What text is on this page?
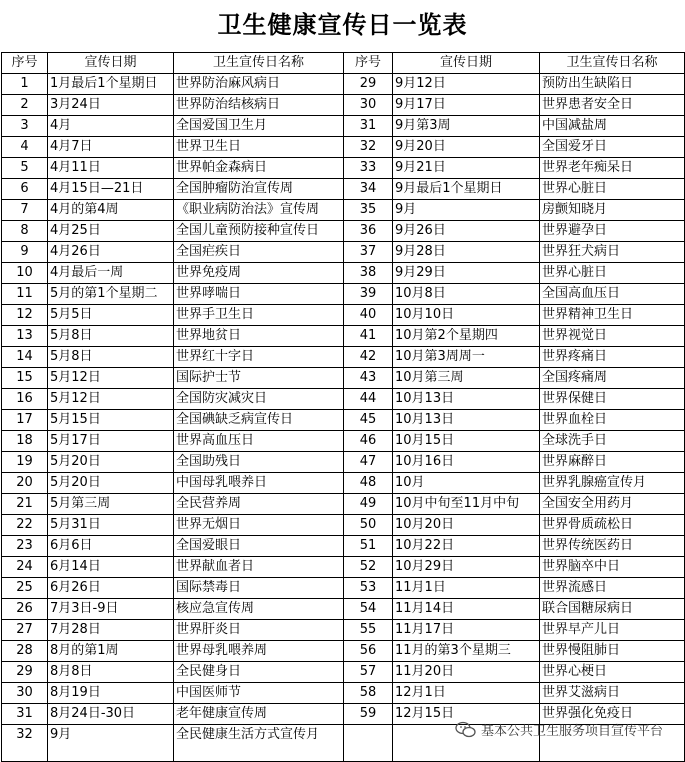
卫生健康宣传日一览表
序号	宣传日期	卫生宣传日名称	序号	宣传日期	卫生宣传日名称
1	1月最后1个星期日	世界防治麻风病日	29	9月12日	预防出生缺陷日
2	3月24日	世界防治结核病日	30	9月17日	世界患者安全日
3	4月	全国爱国卫生月	31	9月第3周	中国减盐周
4	4月7日	世界卫生日	32	9月20日	全国爱牙日
5	4月11日	世界帕金森病日	33	9月21日	世界老年痴呆日
6	4月15日—21日	全国肿瘤防治宣传周	34	9月最后1个星期日	世界心脏日
7	4月的第4周	《职业病防治法》宣传周	35	9月	房颤知晓月
8	4月25日	全国儿童预防接种宣传日	36	9月26日	世界避孕日
9	4月26日	全国疟疾日	37	9月28日	世界狂犬病日
10	4月最后一周	世界免疫周	38	9月29日	世界心脏日
11	5月的第1个星期二	世界哮喘日	39	10月8日	全国高血压日
12	5月5日	世界手卫生日	40	10月10日	世界精神卫生日
13	5月8日	世界地贫日	41	10月第2个星期四	世界视觉日
14	5月8日	世界红十字日	42	10月第3周周一	世界疼痛日
15	5月12日	国际护士节	43	10月第三周	全国疼痛周
16	5月12日	全国防灾减灾日	44	10月13日	世界保健日
17	5月15日	全国碘缺乏病宣传日	45	10月13日	世界血栓日
18	5月17日	世界高血压日	46	10月15日	全球洗手日
19	5月20日	全国助残日	47	10月16日	世界麻醉日
20	5月20日	中国母乳喂养日	48	10月	世界乳腺癌宣传月
21	5月第三周	全民营养周	49	10月中旬至11月中旬	全国安全用药月
22	5月31日	世界无烟日	50	10月20日	世界骨质疏松日
23	6月6日	全国爱眼日	51	10月22日	世界传统医药日
24	6月14日	世界献血者日	52	10月29日	世界脑卒中日
25	6月26日	国际禁毒日	53	11月1日	世界流感日
26	7月3日-9日	核应急宣传周	54	11月14日	联合国糖尿病日
27	7月28日	世界肝炎日	55	11月17日	世界早产儿日
28	8月的第1周	世界母乳喂养周	56	11月的第3个星期三	世界慢阻肺日
29	8月8日	全民健身日	57	11月20日	世界心梗日
30	8月19日	中国医师节	58	12月1日	世界艾滋病日
31	8月24日-30日	老年健康宣传周	59	12月15日	世界强化免疫日
32	9月	全民健康生活方式宣传月				基本公共卫生服务项目宣传平台
